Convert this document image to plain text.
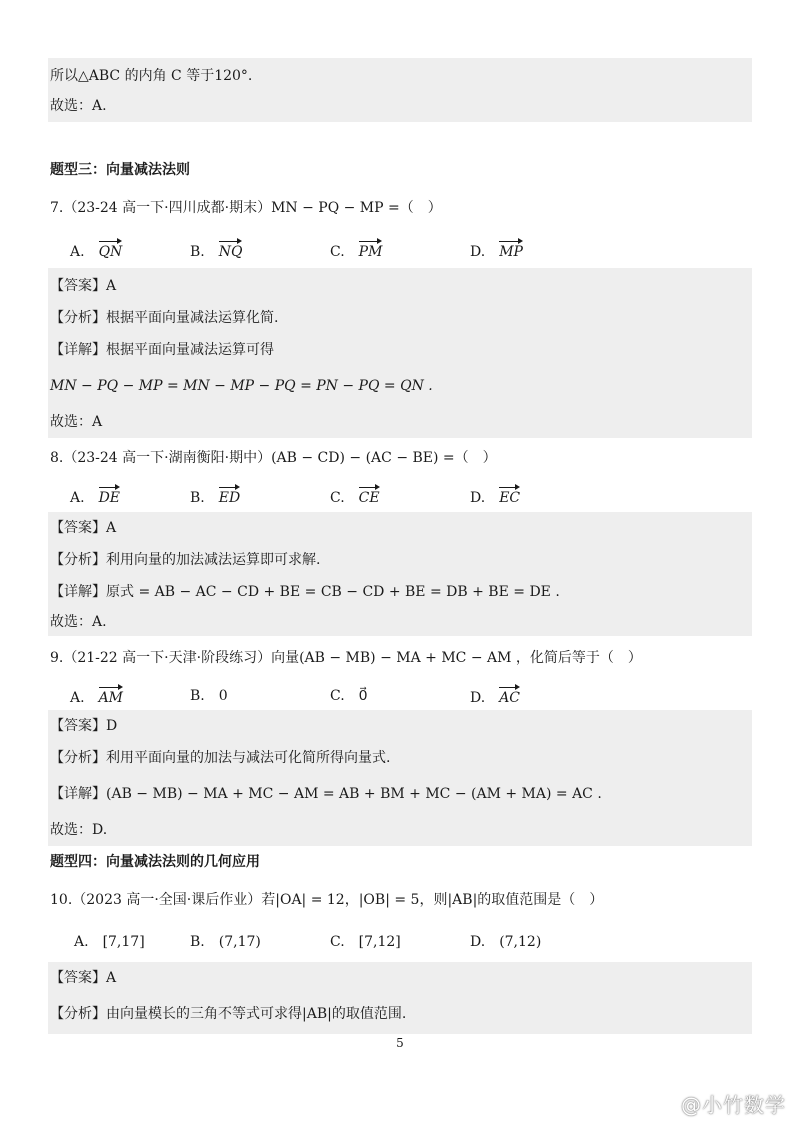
所以△ABC 的内角 C 等于120°.
故选：A.
题型三：向量减法法则
7.（23-24 高一下·四川成都·期末）MN − PQ − MP =（　）
A. QN	B. NQ	C. PM	D. MP
【答案】A
【分析】根据平面向量减法运算化简.
【详解】根据平面向量减法运算可得
MN − PQ − MP = MN − MP − PQ = PN − PQ = QN .
故选：A
8.（23-24 高一下·湖南衡阳·期中）(AB − CD) − (AC − BE) =（　）
A. DE	B. ED	C. CE	D. EC
【答案】A
【分析】利用向量的加法减法运算即可求解.
【详解】原式 = AB − AC − CD + BE = CB − CD + BE = DB + BE = DE .
故选：A.
9.（21-22 高一下·天津·阶段练习）向量(AB − MB) − MA + MC − AM ，化简后等于（　）
A. AM	B. 0	C. 0⃗	D. AC
【答案】D
【分析】利用平面向量的加法与减法可化简所得向量式.
【详解】(AB − MB) − MA + MC − AM = AB + BM + MC − (AM + MA) = AC .
故选：D.
题型四：向量减法法则的几何应用
10.（2023 高一·全国·课后作业）若|OA| = 12，|OB| = 5，则|AB|的取值范围是（　）
A. [7,17]	B. (7,17)	C. [7,12]	D. (7,12)
【答案】A
【分析】由向量模长的三角不等式可求得|AB|的取值范围.
5
@小竹数学
